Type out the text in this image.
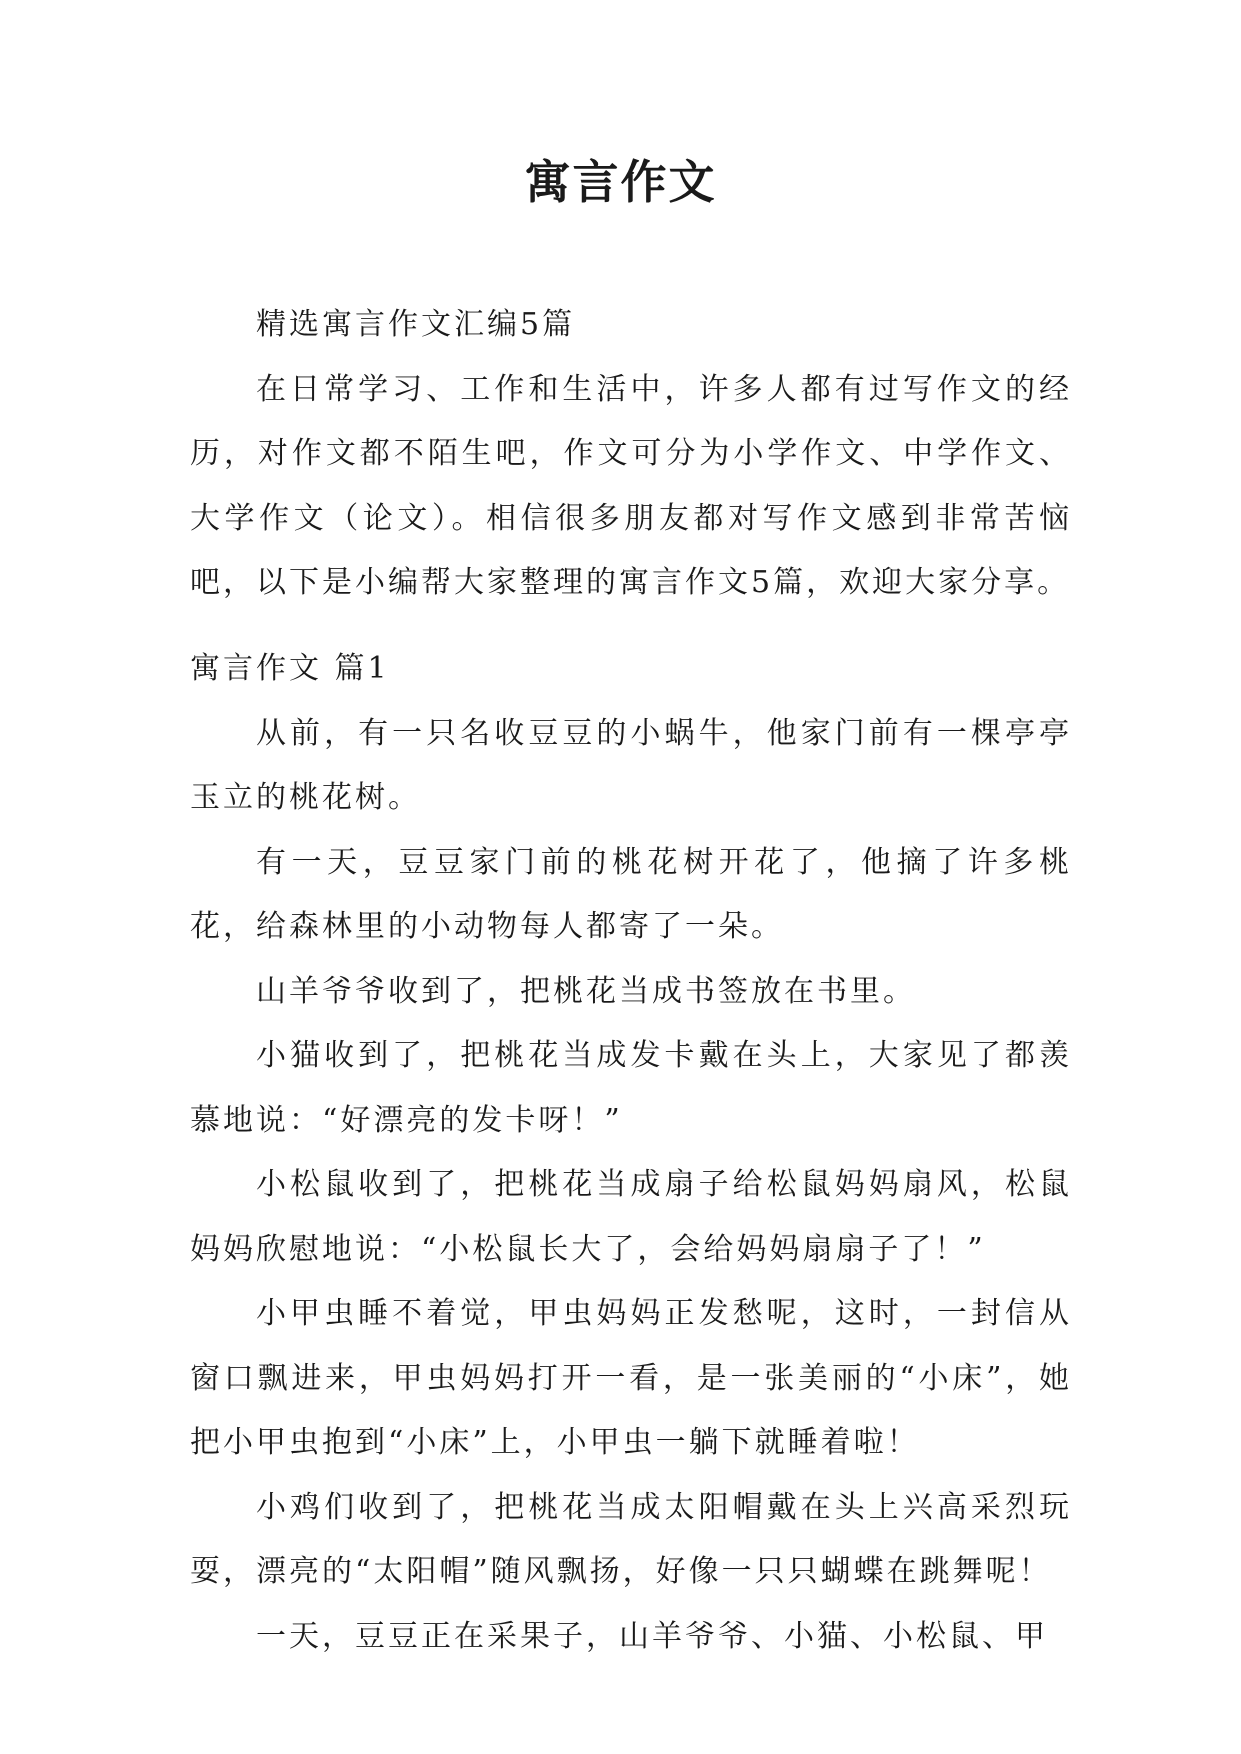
寓言作文

精选寓言作文汇编5篇

在日常学习、工作和生活中，许多人都有过写作文的经历，对作文都不陌生吧，作文可分为小学作文、中学作文、大学作文（论文）。相信很多朋友都对写作文感到非常苦恼吧，以下是小编帮大家整理的寓言作文5篇，欢迎大家分享。

寓言作文 篇1

从前，有一只名收豆豆的小蜗牛，他家门前有一棵亭亭玉立的桃花树。

有一天，豆豆家门前的桃花树开花了，他摘了许多桃花，给森林里的小动物每人都寄了一朵。

山羊爷爷收到了，把桃花当成书签放在书里。

小猫收到了，把桃花当成发卡戴在头上，大家见了都羡慕地说：“好漂亮的发卡呀！”

小松鼠收到了，把桃花当成扇子给松鼠妈妈扇风，松鼠妈妈欣慰地说：“小松鼠长大了，会给妈妈扇扇子了！”

小甲虫睡不着觉，甲虫妈妈正发愁呢，这时，一封信从窗口飘进来，甲虫妈妈打开一看，是一张美丽的“小床”，她把小甲虫抱到“小床”上，小甲虫一躺下就睡着啦！

小鸡们收到了，把桃花当成太阳帽戴在头上兴高采烈玩耍，漂亮的“太阳帽”随风飘扬，好像一只只蝴蝶在跳舞呢！

一天，豆豆正在采果子，山羊爷爷、小猫、小松鼠、甲
